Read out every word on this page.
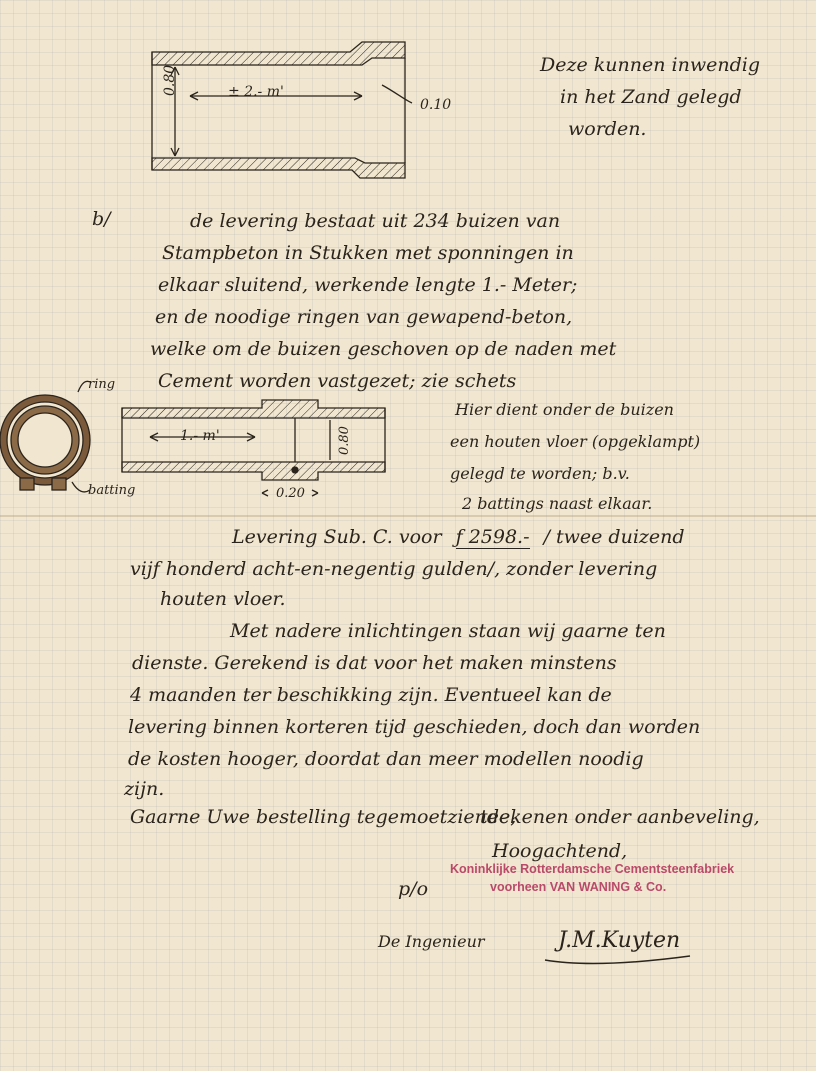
± 2.- m'
0.80
0.10
Deze kunnen inwendig
in het Zand gelegd
worden.
b/	de levering bestaat uit 234 buizen van
Stampbeton in Stukken met sponningen in
elkaar sluitend, werkende lengte 1.- Meter;
en de noodige ringen van gewapend-beton,
welke om de buizen geschoven op de naden met
Cement worden vastgezet; zie schets
ring
batting
1.- m'	0.80
0.20
Hier dient onder de buizen
een houten vloer (opgeklampt)
gelegd te worden; b.v.
2 battings naast elkaar.
Levering Sub. C. voor ƒ 2598.- / twee duizend
vijf honderd acht-en-negentig gulden/, zonder levering
houten vloer.
Met nadere inlichtingen staan wij gaarne ten
dienste. Gerekend is dat voor het maken minstens
4 maanden ter beschikking zijn. Eventueel kan de
levering binnen korteren tijd geschieden, doch dan worden
de kosten hooger, doordat dan meer modellen noodig
zijn.
Gaarne Uwe bestelling tegemoetziende,
teekenen onder aanbeveling,
Hoogachtend,
Koninklijke Rotterdamsche Cementsteenfabriek
voorheen VAN WANING & Co.
p/o
De Ingenieur	J.M.Kuyten
